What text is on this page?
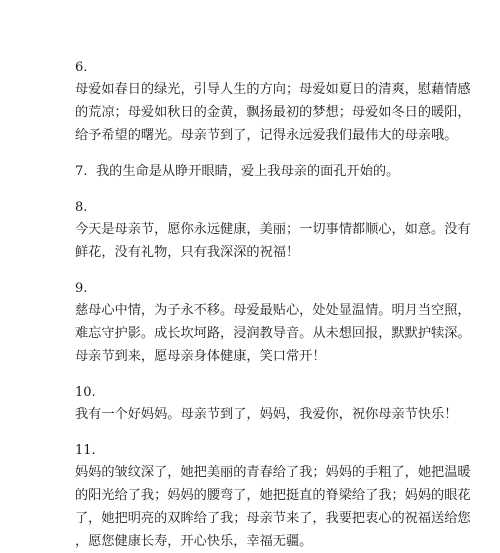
6.

母爱如春日的绿光，引导人生的方向；母爱如夏日的清爽，慰藉情感

的荒凉；母爱如秋日的金黄，飘扬最初的梦想；母爱如冬日的暖阳，

给予希望的曙光。母亲节到了，记得永远爱我们最伟大的母亲哦。

7. 我的生命是从睁开眼睛，爱上我母亲的面孔开始的。

8.

今天是母亲节，愿你永远健康，美丽；一切事情都顺心，如意。没有

鲜花，没有礼物，只有我深深的祝福！

9.

慈母心中情，为子永不移。母爱最贴心，处处显温情。明月当空照，

难忘守护影。成长坎坷路，浸润教导音。从未想回报，默默护犊深。

母亲节到来，愿母亲身体健康，笑口常开！

10.

我有一个好妈妈。母亲节到了，妈妈，我爱你，祝你母亲节快乐！

11.

妈妈的皱纹深了，她把美丽的青春给了我；妈妈的手粗了，她把温暖

的阳光给了我；妈妈的腰弯了，她把挺直的脊梁给了我；妈妈的眼花

了，她把明亮的双眸给了我；母亲节来了，我要把衷心的祝福送给您

，愿您健康长寿，开心快乐，幸福无疆。
